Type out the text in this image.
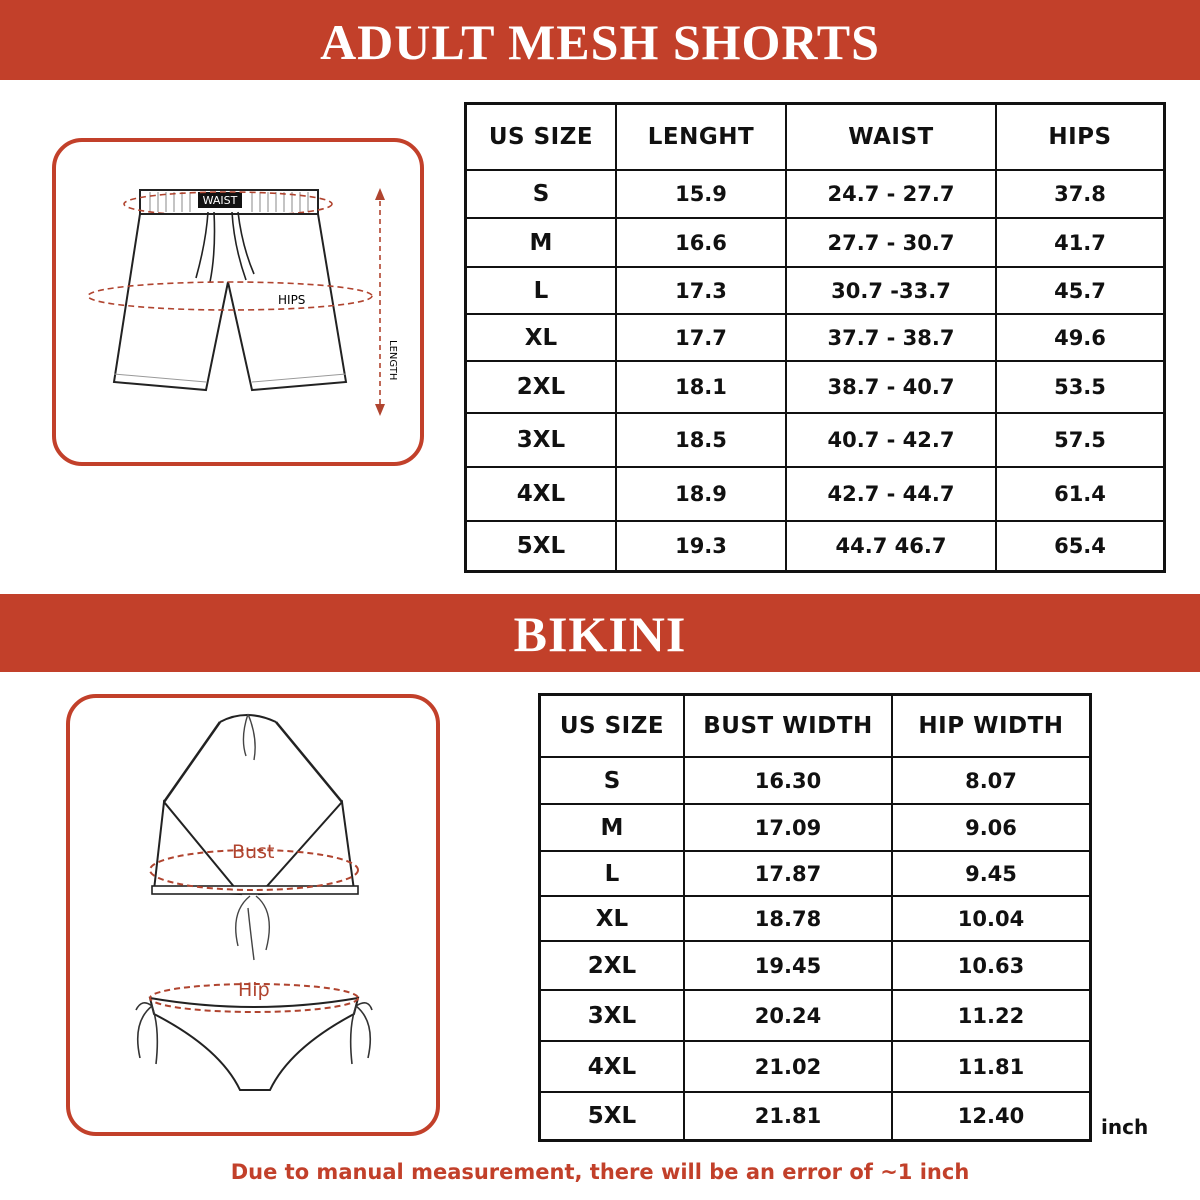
ADULT MESH SHORTS
WAIST
HIPS
LENGTH
US SIZE	LENGHT	WAIST	HIPS
S	15.9	24.7 - 27.7	37.8
M	16.6	27.7 - 30.7	41.7
L	17.3	30.7 -33.7	45.7
XL	17.7	37.7 - 38.7	49.6
2XL	18.1	38.7 - 40.7	53.5
3XL	18.5	40.7 - 42.7	57.5
4XL	18.9	42.7 - 44.7	61.4
5XL	19.3	44.7 46.7	65.4
BIKINI
Bust
Hip
US SIZE	BUST WIDTH	HIP WIDTH
S	16.30	8.07
M	17.09	9.06
L	17.87	9.45
XL	18.78	10.04
2XL	19.45	10.63
3XL	20.24	11.22
4XL	21.02	11.81
5XL	21.81	12.40	inch
Due to manual measurement, there will be an error of ~1 inch
